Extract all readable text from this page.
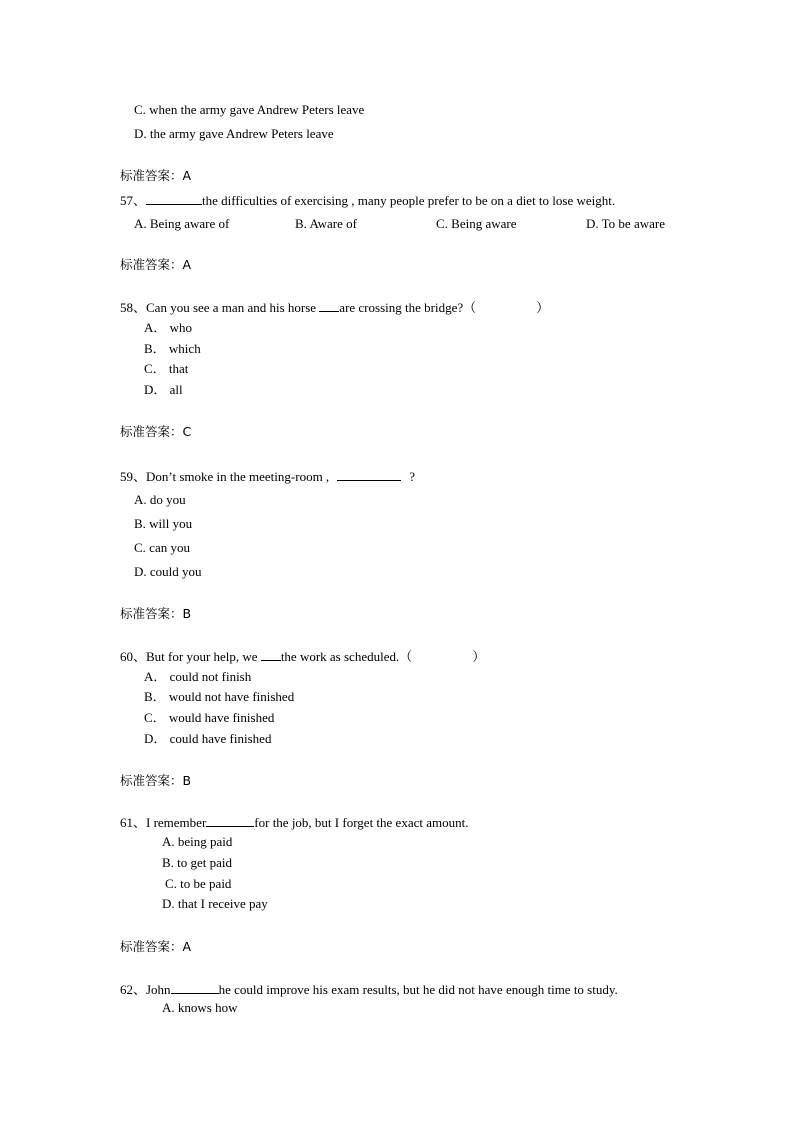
C. when the army gave Andrew Peters leave
D. the army gave Andrew Peters leave
标准答案：A
57、	the difficulties of exercising , many people prefer to be on a diet to lose weight.
A. Being aware of	B. Aware of	C. Being aware	D. To be aware
标准答案：A
58、Can you see a man and his horse are crossing the bridge?（	）
A． who
B． which
C． that
D． all
标准答案：C
59、Don’t smoke in the meeting-room ,	?
A. do you
B. will you
C. can you
D. could you
标准答案：B
60、But for your help, we the work as scheduled.（	）
A． could not finish
B． would not have finished
C． would have finished
D． could have finished
标准答案：B
61、I remember	for the job, but I forget the exact amount.
A. being paid
B. to get paid
C. to be paid
D. that I receive pay
标准答案：A
62、John	he could improve his exam results, but he did not have enough time to study.
A. knows how
